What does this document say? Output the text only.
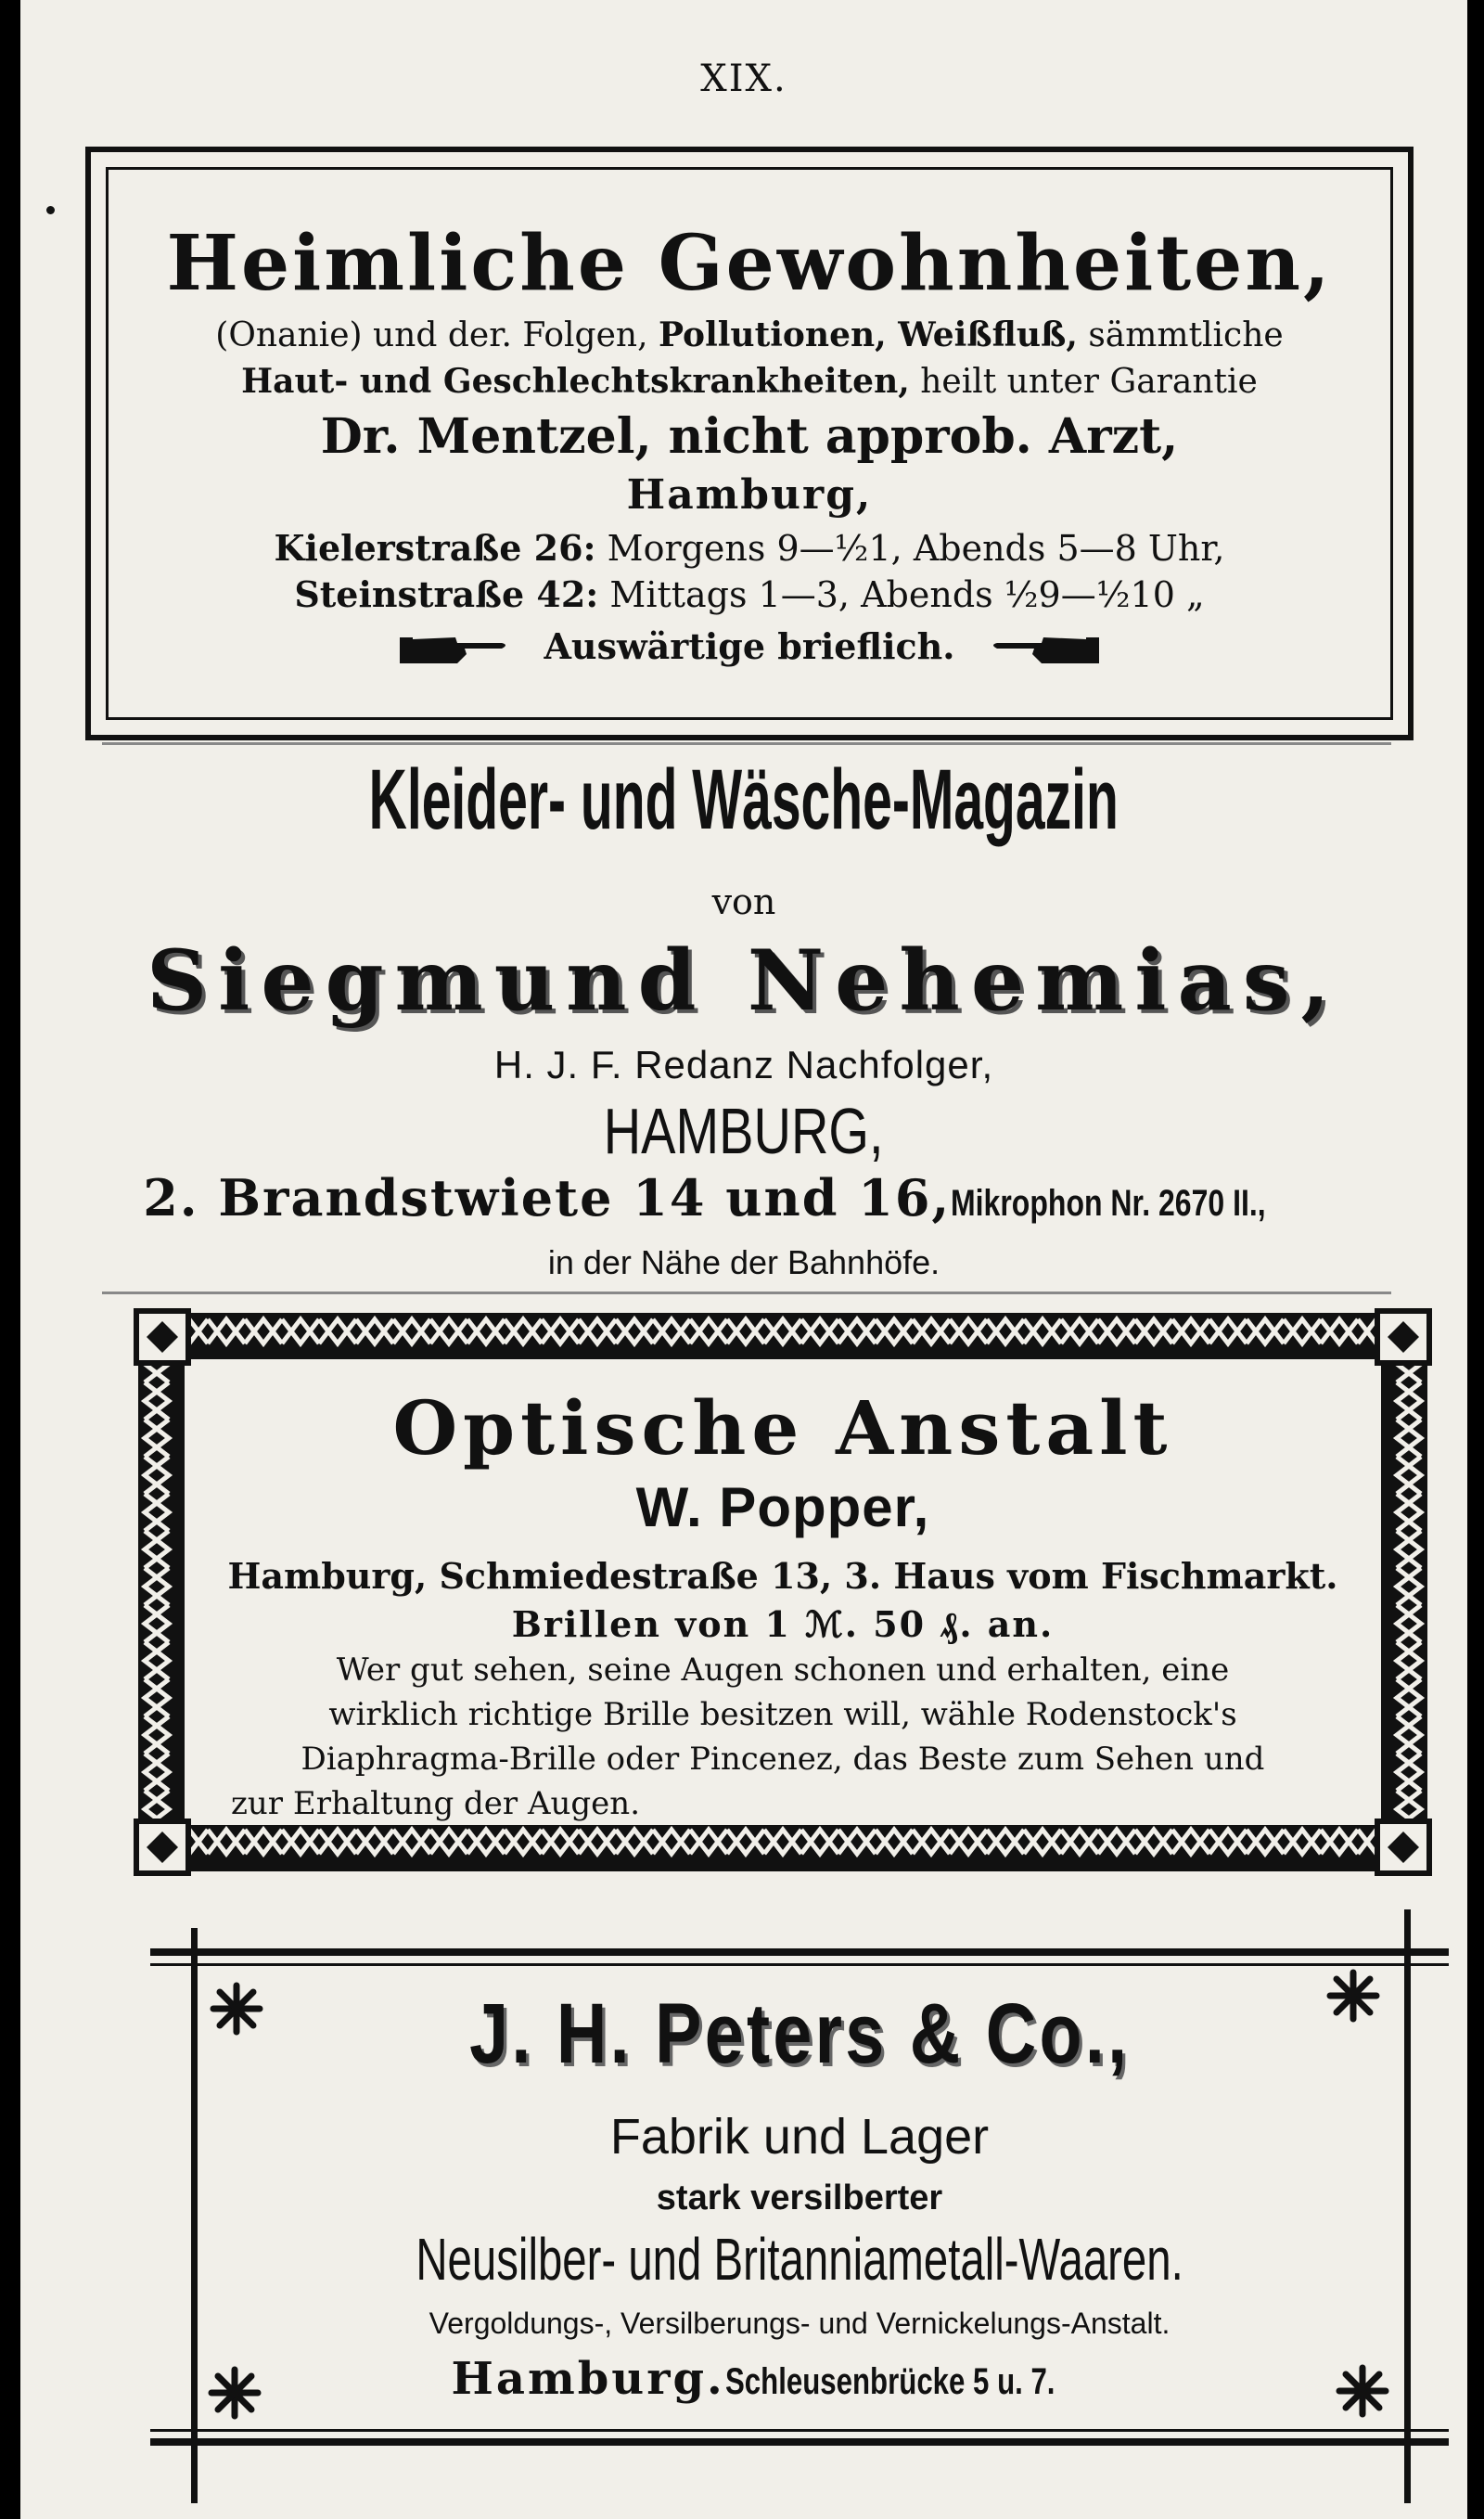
XIX.
Heimliche Gewohnheiten,
(Onanie) und der. Folgen, Pollutionen, Weißfluß, sämmtliche
Haut- und Geschlechtskrankheiten, heilt unter Garantie
Dr. Mentzel, nicht approb. Arzt,
Hamburg,
Kielerstraße 26: Morgens 9—½1, Abends 5—8 Uhr,
Steinstraße 42: Mittags 1—3, Abends ½9—½10 „
Auswärtige brieflich.
Kleider- und Wäsche-Magazin
von
Siegmund Nehemias,
H. J. F. Redanz Nachfolger,
HAMBURG,
2. Brandstwiete 14 und 16,Mikrophon Nr. 2670 II.,
in der Nähe der Bahnhöfe.
Optische Anstalt
W. Popper,
Hamburg, Schmiedestraße 13, 3. Haus vom Fischmarkt.
Brillen von 1 ℳ. 50 ₰. an.
Wer gut sehen, seine Augen schonen und erhalten, eine
wirklich richtige Brille besitzen will, wähle Rodenstock's
Diaphragma-Brille oder Pincenez, das Beste zum Sehen und
zur Erhaltung der Augen.
J. H. Peters & Co.,
Fabrik und Lager
stark versilberter
Neusilber- und Britanniametall-Waaren.
Vergoldungs-, Versilberungs- und Vernickelungs-Anstalt.
Hamburg.Schleusenbrücke 5 u. 7.
